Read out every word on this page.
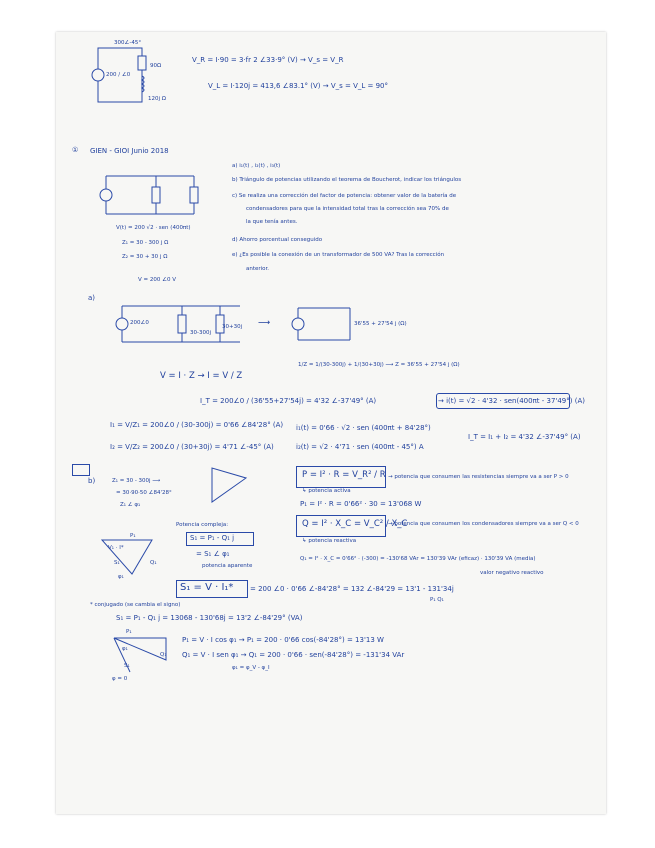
300∠-45°
200 / ∠0
90Ω
120j Ω
V_R = I·90 = 3·fr 2 ∠33·9° (V) → V_s = V_R
V_L = I·120j = 413,6 ∠83.1° (V) → V_s = V_L = 90°
① GIEN - GIOI Junio 2018
a) i₁(t) , i₂(t) , i₃(t)
b) Triángulo de potencias utilizando el teorema de Boucherot, indicar los triángulos
c) Se realiza una corrección del factor de potencia: obtener valor de la batería de
condensadores para que la intensidad total tras la corrección sea 70% de
la que tenía antes.
d) Ahorro porcentual conseguido
e) ¿Es posible la conexión de un transformador de 500 VA? Tras la corrección
anterior.
V(t) = 200 √2 · sen (400πt)
Z₁ = 30 - 300 j Ω
Z₂ = 30 + 30 j Ω
V = 200 ∠0 V
a)
200∠0
30-300j
30+30j ⟶	36'55 + 27'54 j (Ω)
1/Z = 1/(30-300j) + 1/(30+30j) ⟶ Z = 36'55 + 27'54 j (Ω)
V = I · Z → I = V / Z
I_T = 200∠0 / (36'55+27'54j) = 4'32 ∠-37'49° (A)	→ i(t) = √2 · 4'32 · sen(400πt - 37'49°) (A)
I₁ = V/Z₁ = 200∠0 / (30-300j) = 0'66 ∠84'28° (A) i₁(t) = 0'66 · √2 · sen (400πt + 84'28°)
I₂ = V/Z₂ = 200∠0 / (30+30j) = 4'71 ∠-45° (A)	i₂(t) = √2 · 4'71 · sen (400πt - 45°) A
I_T = I₁ + I₂ = 4'32 ∠-37'49° (A)
b)	Z₁ = 30 - 300j ⟶
= 30·90·50 ∠84'28°
Z₁ ∠ φ₁
P = I² · R = V_R² / R
↳ potencia activa
→ potencia que consumen las resistencias siempre va a ser P > 0
P₁ = I² · R = 0'66² · 30 = 13'068 W
Q = I² · X_C = V_C² / X_C
↳ potencia reactiva
→ potencia que consumen los condensadores siempre va a ser Q < 0
Q₁ = I² · X_C = 0'66² · (-300) = -130'68 VAr = 130'39 VAr (eficaz) · 130'39 VA (media)
valor negativo reactivo
P₁
Q₁
S₁
φ₁
V₁ · I*
Potencia compleja:
S₁ = P₁ - Q₁ j
= S₁ ∠ φ₁
potencia aparente
S₁ = V · I₁* = 200 ∠0 · 0'66 ∠-84'28° = 132 ∠-84'29 = 13'1 - 131'34j
P₁ Q₁
* conjugado (se cambia el signo)
S₁ = P₁ - Q₁ j = 13068 - 130'68j = 13'2 ∠-84'29° (VA)
P₁
Q₁
S₁
φ₁
φ = 0
P₁ = V · I cos φ₁ → P₁ = 200 · 0'66 cos(-84'28°) = 13'13 W
Q₁ = V · I sen φ₁ → Q₁ = 200 · 0'66 · sen(-84'28°) = -131'34 VAr
φ₁ = φ_V - φ_I
